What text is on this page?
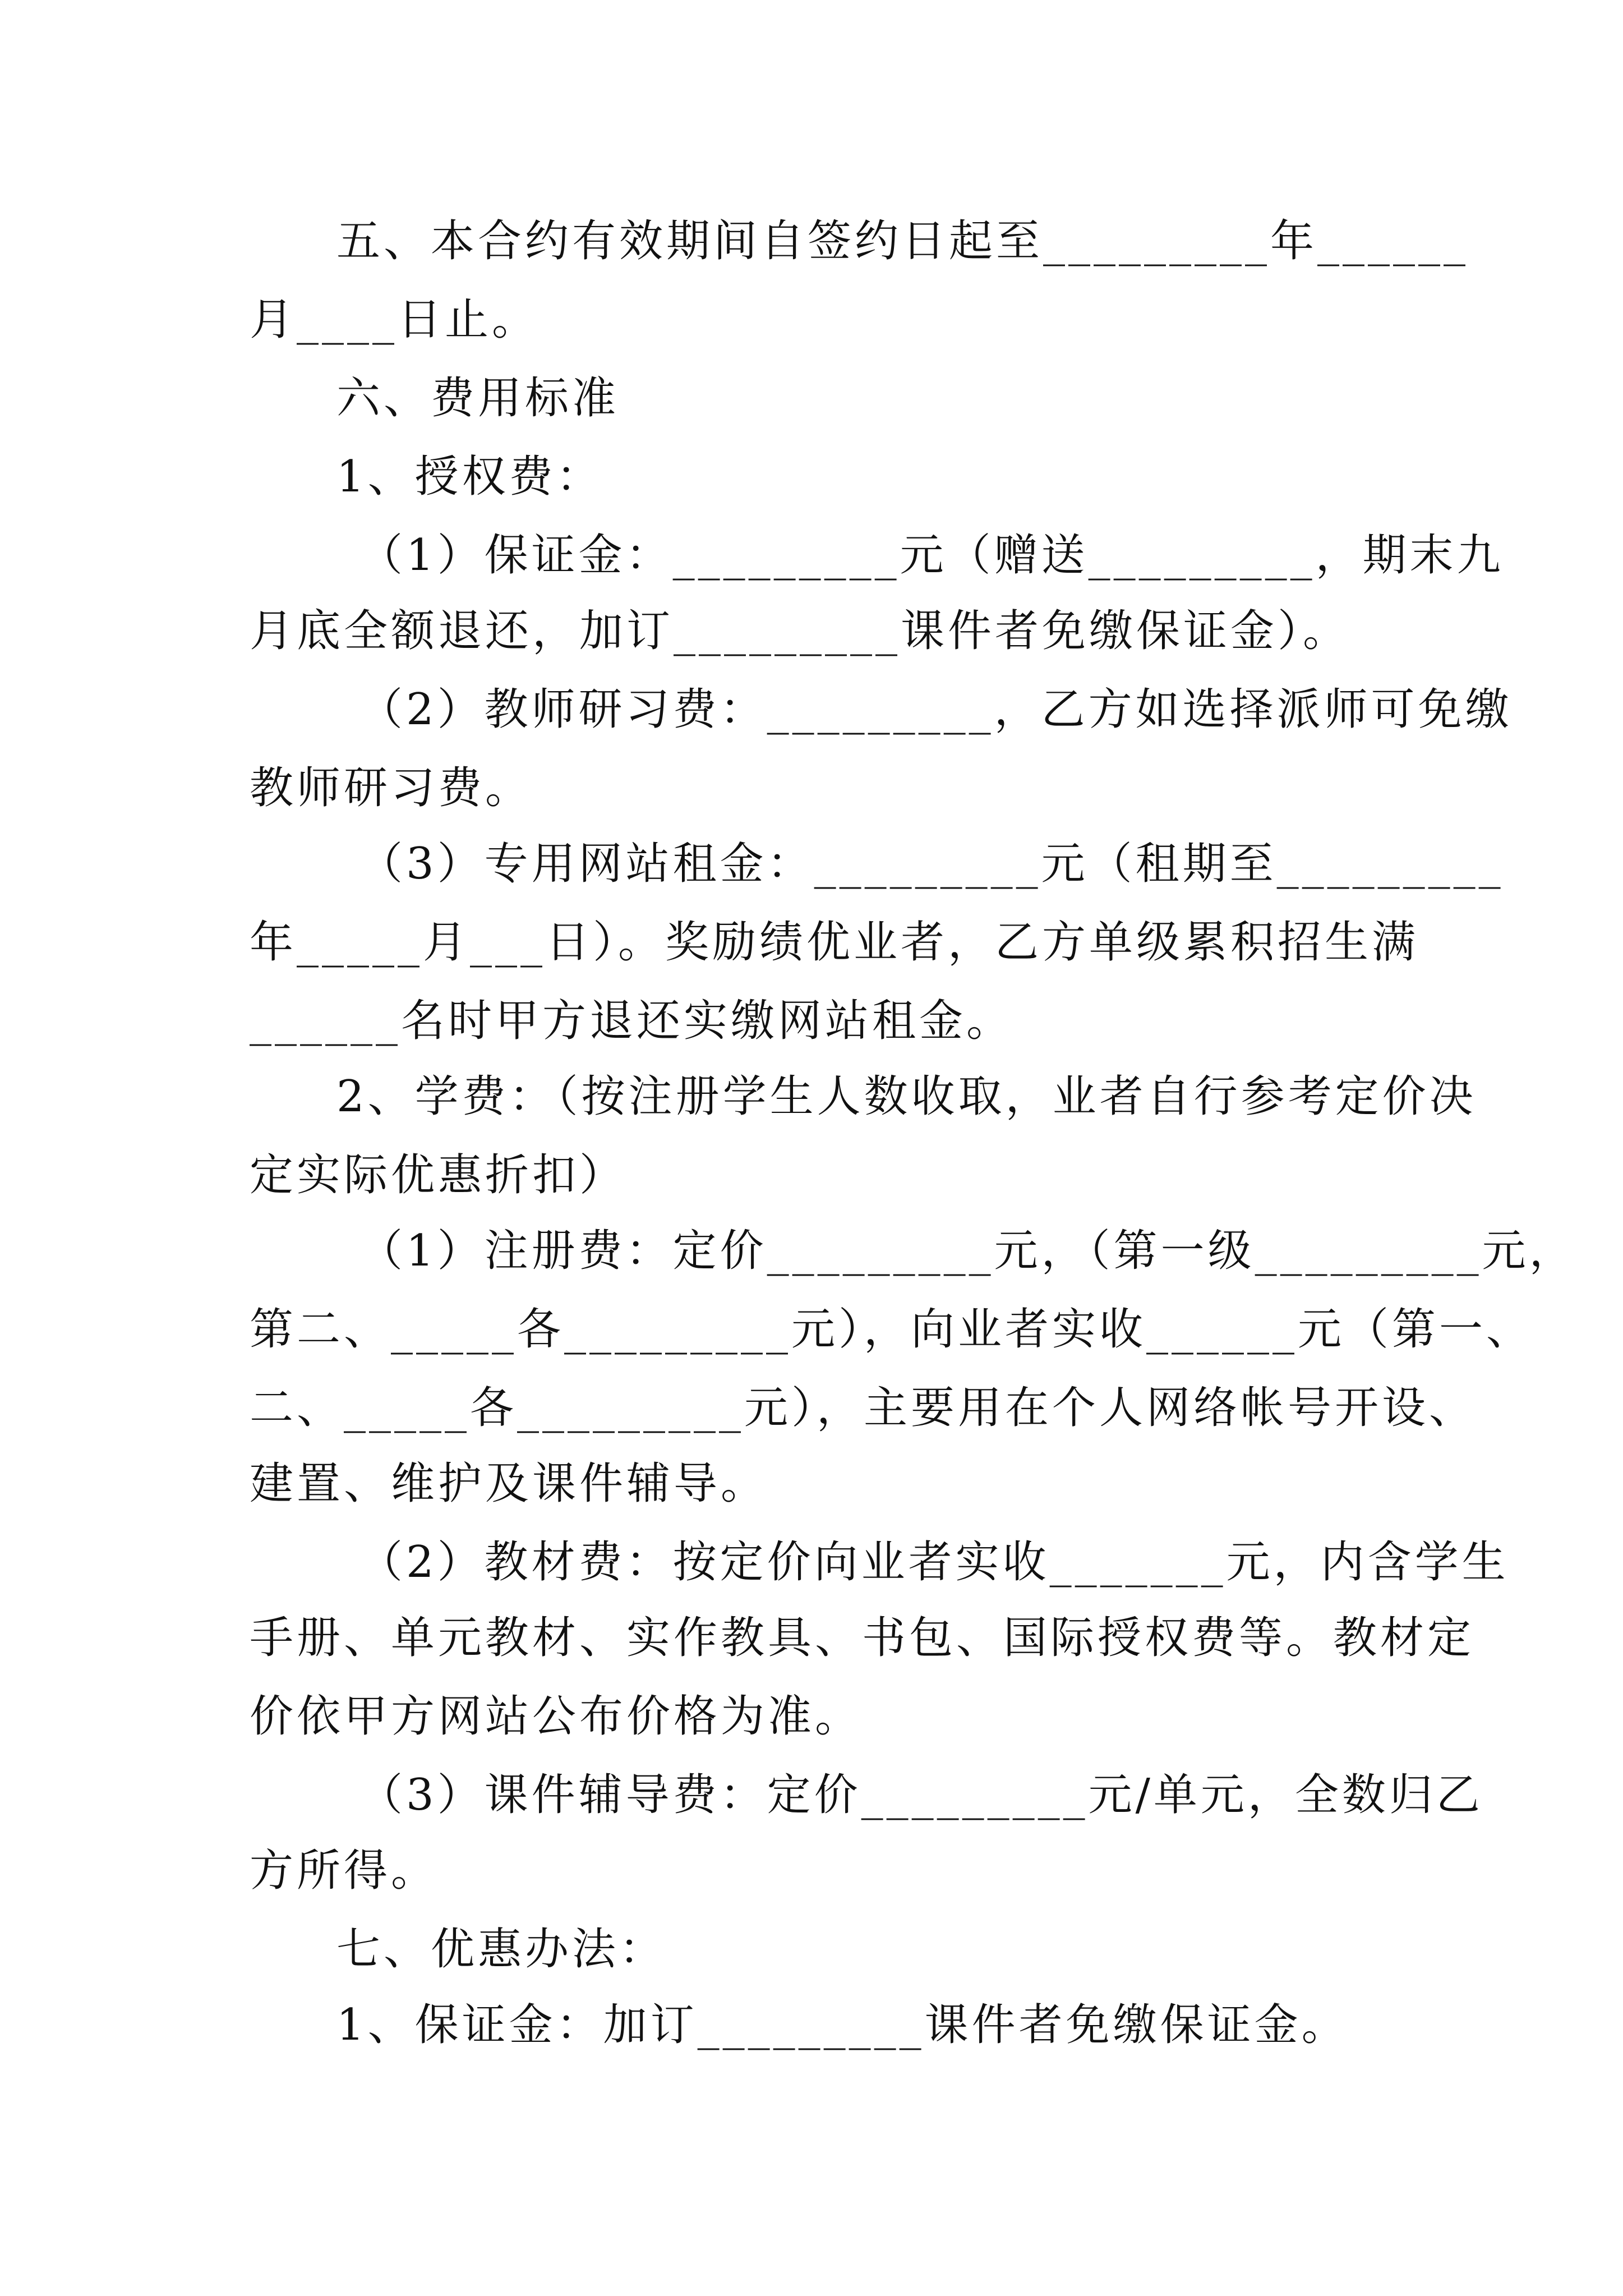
五、本合约有效期间自签约日起至_________年______
月____日止。
六、费用标准
1、授权费：
（1）保证金：_________元（赠送_________，期末九
月底全额退还，加订_________课件者免缴保证金）。
（2）教师研习费：_________，乙方如选择派师可免缴
教师研习费。
（3）专用网站租金：_________元（租期至_________
年_____月___日）。奖励绩优业者，乙方单级累积招生满
______名时甲方退还实缴网站租金。
2、学费：（按注册学生人数收取，业者自行参考定价决
定实际优惠折扣）
（1）注册费：定价_________元，（第一级_________元，
第二、_____各_________元），向业者实收______元（第一、
二、_____各_________元），主要用在个人网络帐号开设、
建置、维护及课件辅导。
（2）教材费：按定价向业者实收_______元，内含学生
手册、单元教材、实作教具、书包、国际授权费等。教材定
价依甲方网站公布价格为准。
（3）课件辅导费：定价_________元/单元，全数归乙
方所得。
七、优惠办法：
1、保证金：加订_________课件者免缴保证金。
